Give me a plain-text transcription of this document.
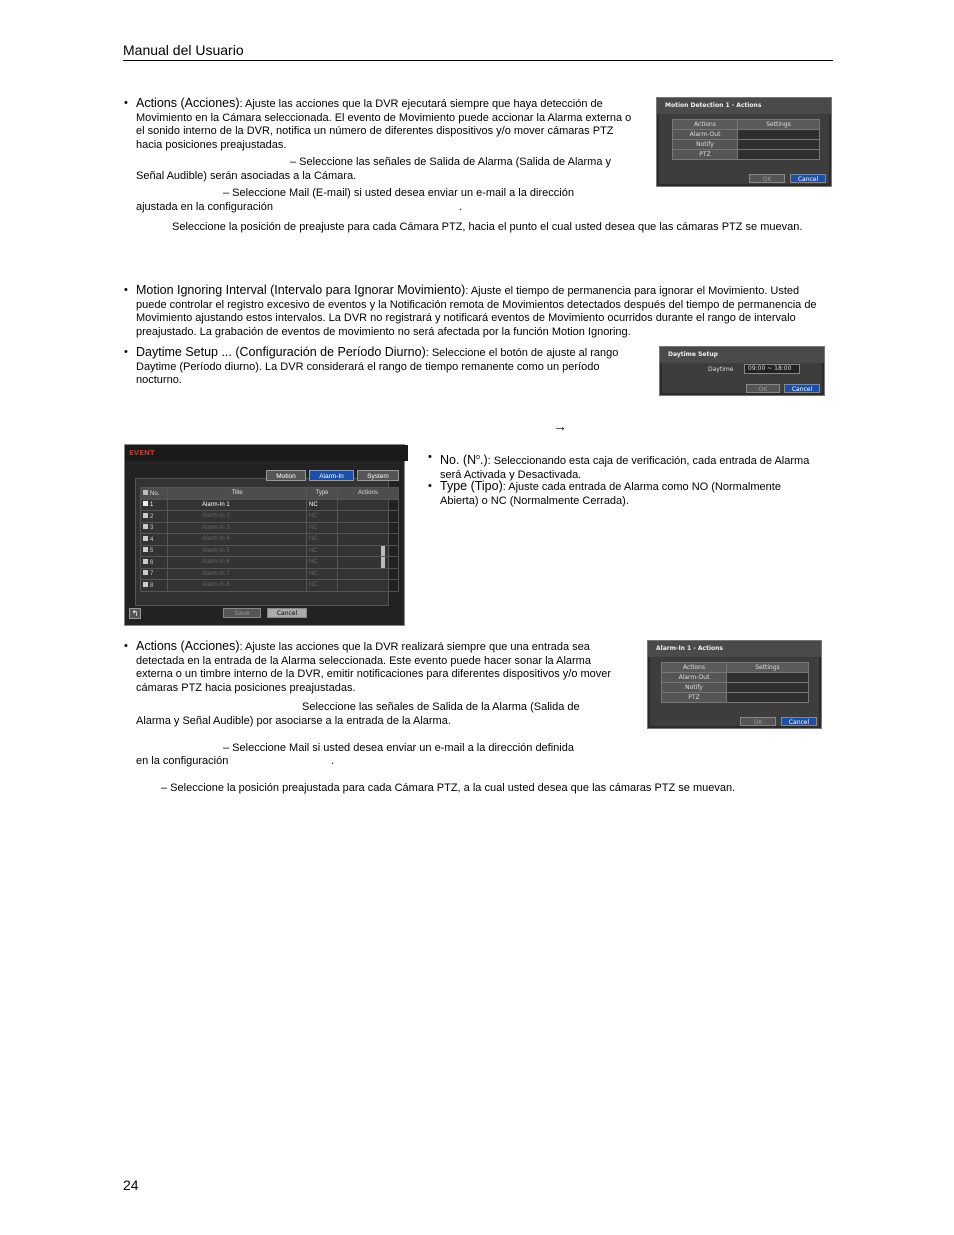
Manual del Usuario
• Actions (Acciones): Ajuste las acciones que la DVR ejecutará siempre que haya detección de Movimiento en la Cámara seleccionada. El evento de Movimiento puede accionar la Alarma externa o el sonido interno de la DVR, notifica un número de diferentes dispositivos y/o mover cámaras PTZ hacia posiciones preajustadas.
– Seleccione las señales de Salida de Alarma (Salida de Alarma y Señal Audible) serán asociadas a la Cámara.
– Seleccione Mail (E-mail) si usted desea enviar un e-mail a la dirección
ajustada en la configuración	.
Seleccione la posición de preajuste para cada Cámara PTZ, hacia el punto el cual usted desea que las cámaras PTZ se muevan.
Motion Detection 1 - Actions
Actions	Settings
Alarm-Out	
Notify	
PTZ	
OK	Cancel
• Motion Ignoring Interval (Intervalo para Ignorar Movimiento): Ajuste el tiempo de permanencia para ignorar el Movimiento. Usted puede controlar el registro excesivo de eventos y la Notificación remota de Movimientos detectados después del tiempo de permanencia de Movimiento ajustando estos intervalos. La DVR no registrará y notificará eventos de Movimiento ocurridos durante el rango de intervalo preajustado. La grabación de eventos de movimiento no será afectada por la función Motion Ignoring.
• Daytime Setup ... (Configuración de Período Diurno): Seleccione el botón de ajuste al rango Daytime (Período diurno). La DVR considerará el rango de tiempo remanente como un período nocturno.
Daytime Setup
Daytime	09:00 ~ 18:00
OK	Cancel
→
EVENT
↰	Save	Cancel
Motion	Alarm-In	System
No.	Title	Type	Actions
1	Alarm-In 1	NC	
2	Alarm-In 2	NC	
3	Alarm-In 3	NC	
4	Alarm-In 4	NC	
5	Alarm-In 5	NC	
6	Alarm-In 6	NC	
7	Alarm-In 7	NC	
8	Alarm-In 8	NC	
• No. $(N^o.)$: Seleccionando esta caja de verificación, cada entrada de Alarma será Activada y Desactivada.
• Type (Tipo): Ajuste cada entrada de Alarma como NO (Normalmente Abierta) o NC (Normalmente Cerrada).
• Actions (Acciones): Ajuste las acciones que la DVR realizará siempre que una entrada sea detectada en la entrada de la Alarma seleccionada. Este evento puede hacer sonar la Alarma externa o un timbre interno de la DVR, emitir notificaciones para diferentes dispositivos y/o mover cámaras PTZ hacia posiciones preajustadas.
Seleccione las señales de Salida de la Alarma (Salida de Alarma y Señal Audible) por asociarse a la entrada de la Alarma.
– Seleccione Mail si usted desea enviar un e-mail a la dirección definida
en la configuración	.
– Seleccione la posición preajustada para cada Cámara PTZ, a la cual usted desea que las cámaras PTZ se muevan.
Alarm-In 1 - Actions
Actions	Settings
Alarm-Out	
Notify	
PTZ	
OK	Cancel
24
